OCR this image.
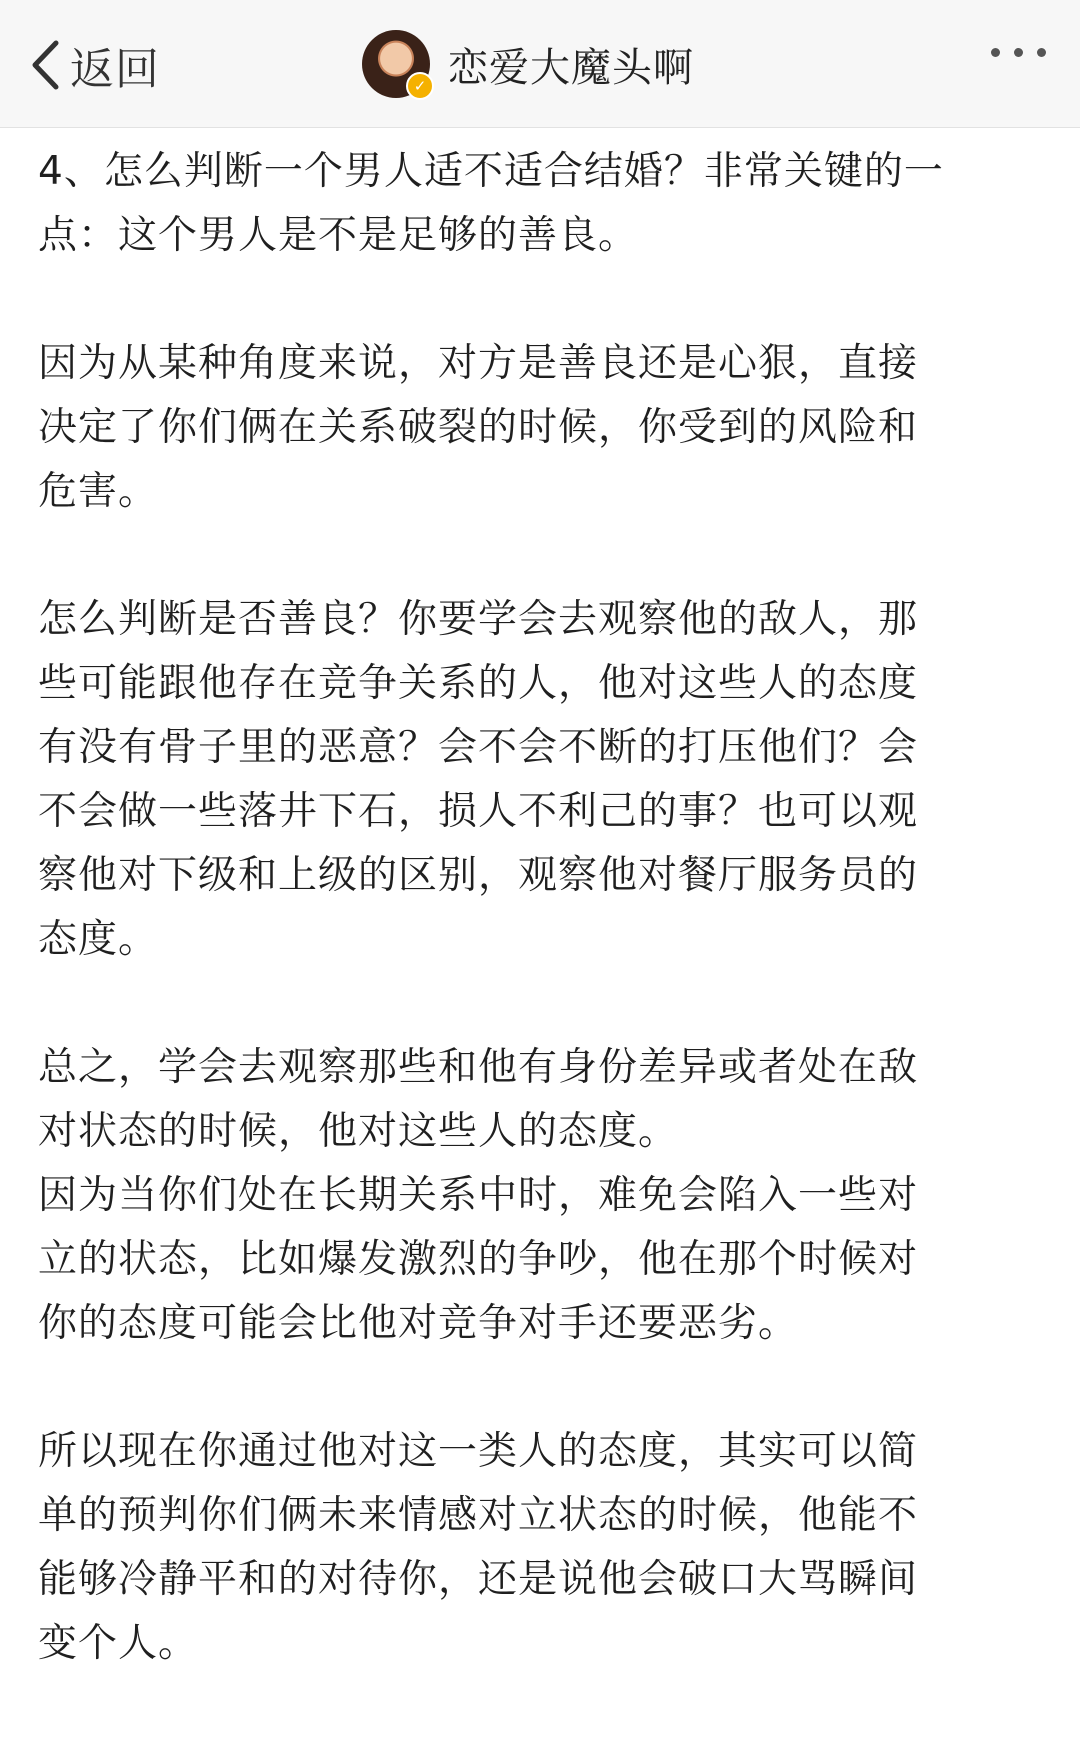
返回	✓ 恋爱大魔头啊

4、怎么判断一个男人适不适合结婚？非常关键的一
点：这个男人是不是足够的善良。

因为从某种角度来说，对方是善良还是心狠，直接
决定了你们俩在关系破裂的时候，你受到的风险和
危害。

怎么判断是否善良？你要学会去观察他的敌人，那
些可能跟他存在竞争关系的人，他对这些人的态度
有没有骨子里的恶意？会不会不断的打压他们？会
不会做一些落井下石，损人不利己的事？也可以观
察他对下级和上级的区别，观察他对餐厅服务员的
态度。

总之，学会去观察那些和他有身份差异或者处在敌
对状态的时候，他对这些人的态度。
因为当你们处在长期关系中时，难免会陷入一些对
立的状态，比如爆发激烈的争吵，他在那个时候对
你的态度可能会比他对竞争对手还要恶劣。

所以现在你通过他对这一类人的态度，其实可以简
单的预判你们俩未来情感对立状态的时候，他能不
能够冷静平和的对待你，还是说他会破口大骂瞬间
变个人。
